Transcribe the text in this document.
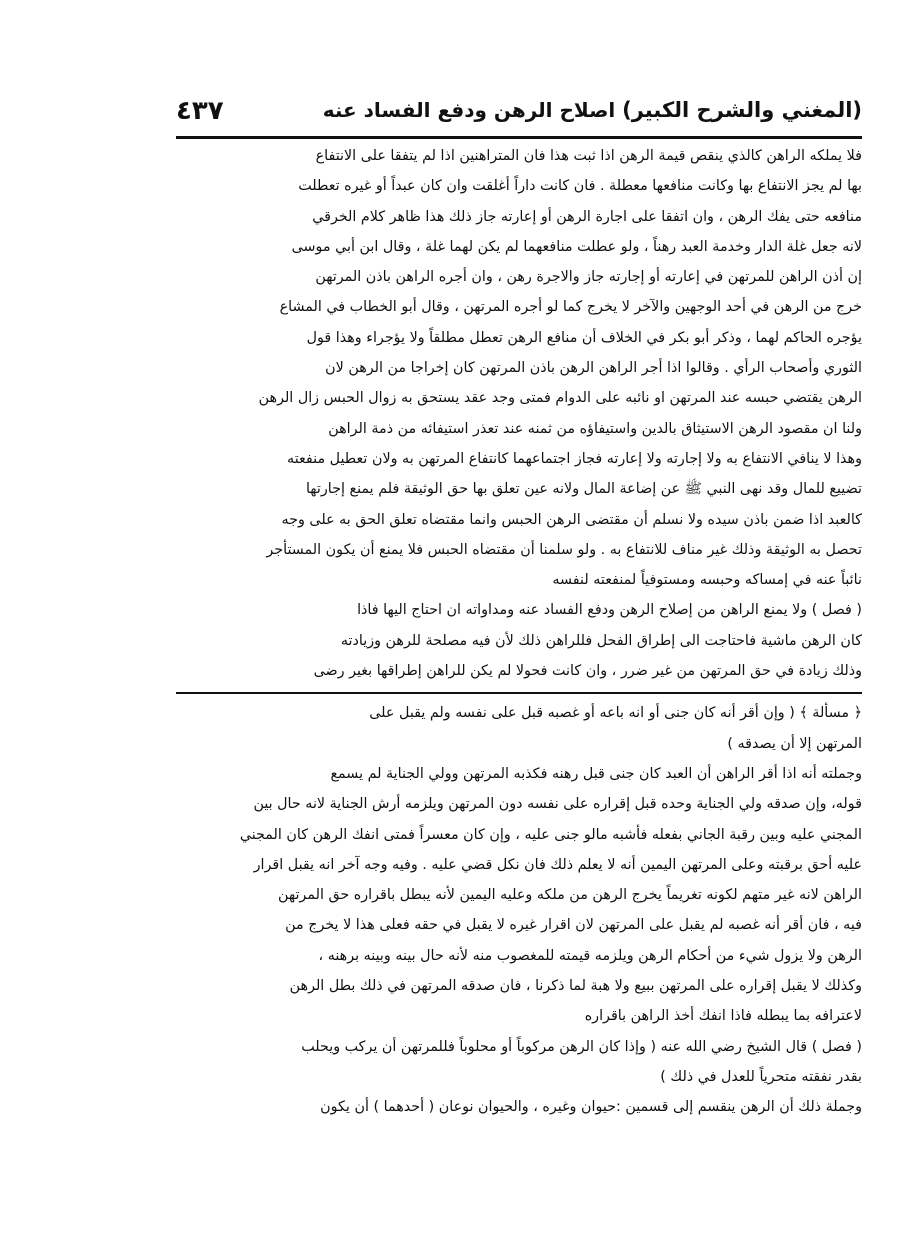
(المغني والشرح الكبير)
اصلاح الرهن ودفع الفساد عنه
٤٣٧
فلا يملكه الراهن كالذي ينقص قيمة الرهن اذا ثبت هذا فان المتراهنين اذا لم يتفقا على الانتفاع
بها لم يجز الانتفاع بها وكانت منافعها معطلة . فان كانت داراً أغلقت وان كان عبداً أو غيره تعطلت
منافعه حتى يفك الرهن ، وان اتفقا على اجارة الرهن أو إعارته جاز ذلك هذا ظاهر كلام الخرقي
لانه جعل غلة الدار وخدمة العبد رهناً ، ولو عطلت منافعهما لم يكن لهما غلة ، وقال ابن أبي موسى
إن أذن الراهن للمرتهن في إعارته أو إجارته جاز والاجرة رهن ، وان أجره الراهن باذن المرتهن
خرج من الرهن في أحد الوجهين والآخر لا يخرج كما لو أجره المرتهن ، وقال أبو الخطاب في المشاع
يؤجره الحاكم لهما ، وذكر أبو بكر في الخلاف أن منافع الرهن تعطل مطلقاً ولا يؤجراء وهذا قول
الثوري وأصحاب الرأي . وقالوا اذا أجر الراهن الرهن باذن المرتهن كان إخراجا من الرهن لان
الرهن يقتضي حبسه عند المرتهن او نائبه على الدوام فمتى وجد عقد يستحق به زوال الحبس زال الرهن
ولنا ان مقصود الرهن الاستيثاق بالدين واستيفاؤه من ثمنه عند تعذر استيفائه من ذمة الراهن
وهذا لا ينافي الانتفاع به ولا إجارته ولا إعارته فجاز اجتماعهما كانتفاع المرتهن به ولان تعطيل منفعته
تضييع للمال وقد نهى النبي ﷺ عن إضاعة المال ولانه عين تعلق بها حق الوثيقة فلم يمنع إجارتها
كالعبد اذا ضمن باذن سيده ولا نسلم أن مقتضى الرهن الحبس وانما مقتضاه تعلق الحق به على وجه
تحصل به الوثيقة وذلك غير مناف للانتفاع به . ولو سلمنا أن مقتضاه الحبس فلا يمنع أن يكون المستأجر
نائباً عنه في إمساكه وحبسه ومستوفياً لمنفعته لنفسه
( فصل ) ولا يمنع الراهن من إصلاح الرهن ودفع الفساد عنه ومداواته ان احتاج اليها فاذا
كان الرهن ماشية فاحتاجت الى إطراق الفحل فللراهن ذلك لأن فيه مصلحة للرهن وزيادته
وذلك زيادة في حق المرتهن من غير ضرر ، وان كانت فحولا لم يكن للراهن إطراقها بغير رضى
﴿ مسألة ﴾ ( وإن أقر أنه كان جنى أو انه باعه أو غصبه قبل على نفسه ولم يقبل على
المرتهن إلا أن يصدقه )
وجملته أنه اذا أقر الراهن أن العبد كان جنى قبل رهنه فكذبه المرتهن وولي الجناية لم يسمع
قوله، وإن صدقه ولي الجناية وحده قبل إقراره على نفسه دون المرتهن ويلزمه أرش الجناية لانه حال بين
المجني عليه وبين رقبة الجاني بفعله فأشبه مالو جنى عليه ، وإن كان معسراً فمتى انفك الرهن كان المجني
عليه أحق برقبته وعلى المرتهن اليمين أنه لا يعلم ذلك فان نكل قضي عليه . وفيه وجه آخر انه يقبل اقرار
الراهن لانه غير متهم لكونه تغريماً يخرج الرهن من ملكه وعليه اليمين لأنه يبطل باقراره حق المرتهن
فيه ، فان أقر أنه غصبه لم يقبل على المرتهن لان اقرار غيره لا يقبل في حقه فعلى هذا لا يخرج من
الرهن ولا يزول شيء من أحكام الرهن ويلزمه قيمته للمغصوب منه لأنه حال بينه وبينه برهنه ،
وكذلك لا يقبل إقراره على المرتهن ببيع ولا هبة لما ذكرنا ، فان صدقه المرتهن في ذلك بطل الرهن
لاعترافه بما يبطله فاذا انفك أخذ الراهن باقراره
( فصل ) قال الشيخ رضي الله عنه ( وإذا كان الرهن مركوباً أو محلوباً فللمرتهن أن يركب ويحلب
بقدر نفقته متحرياً للعدل في ذلك )
وجملة ذلك أن الرهن ينقسم إلى قسمين :حيوان وغيره ، والحيوان نوعان ( أحدهما ) أن يكون
